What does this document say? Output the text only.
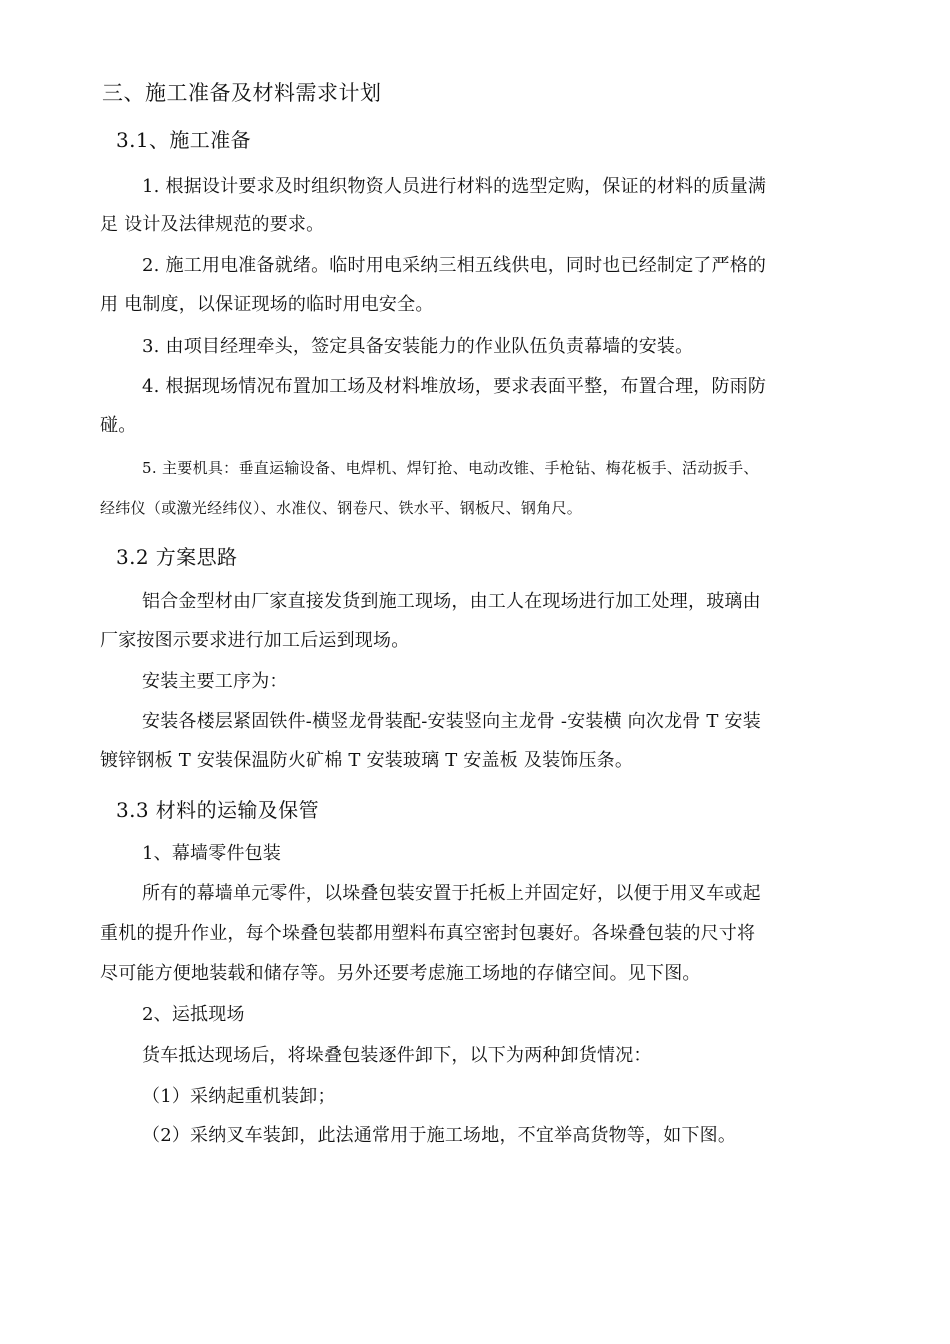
三、施工准备及材料需求计划
3.1、施工准备
1. 根据设计要求及时组织物资人员进行材料的选型定购，保证的材料的质量满
足 设计及法律规范的要求。
2. 施工用电准备就绪。临时用电采纳三相五线供电，同时也已经制定了严格的
用 电制度，以保证现场的临时用电安全。
3. 由项目经理牵头，签定具备安装能力的作业队伍负责幕墙的安装。
4. 根据现场情况布置加工场及材料堆放场，要求表面平整，布置合理，防雨防
碰。
5. 主要机具：垂直运输设备、电焊机、焊钉抢、电动改锥、手枪钻、梅花板手、活动扳手、
经纬仪（或激光经纬仪）、水准仪、钢卷尺、铁水平、钢板尺、钢角尺。
3.2 方案思路
铝合金型材由厂家直接发货到施工现场，由工人在现场进行加工处理，玻璃由
厂家按图示要求进行加工后运到现场。
安装主要工序为：
安装各楼层紧固铁件-横竖龙骨装配-安装竖向主龙骨 -安装横 向次龙骨 T 安装
镀锌钢板 T 安装保温防火矿棉 T 安装玻璃 T 安盖板 及装饰压条。
3.3 材料的运输及保管
1、幕墙零件包装
所有的幕墙单元零件，以垛叠包装安置于托板上并固定好，以便于用叉车或起
重机的提升作业，每个垛叠包装都用塑料布真空密封包裹好。各垛叠包装的尺寸将
尽可能方便地装载和储存等。另外还要考虑施工场地的存储空间。见下图。
2、运抵现场
货车抵达现场后，将垛叠包装逐件卸下，以下为两种卸货情况：
（1）采纳起重机装卸；
（2）采纳叉车装卸，此法通常用于施工场地，不宜举高货物等，如下图。
